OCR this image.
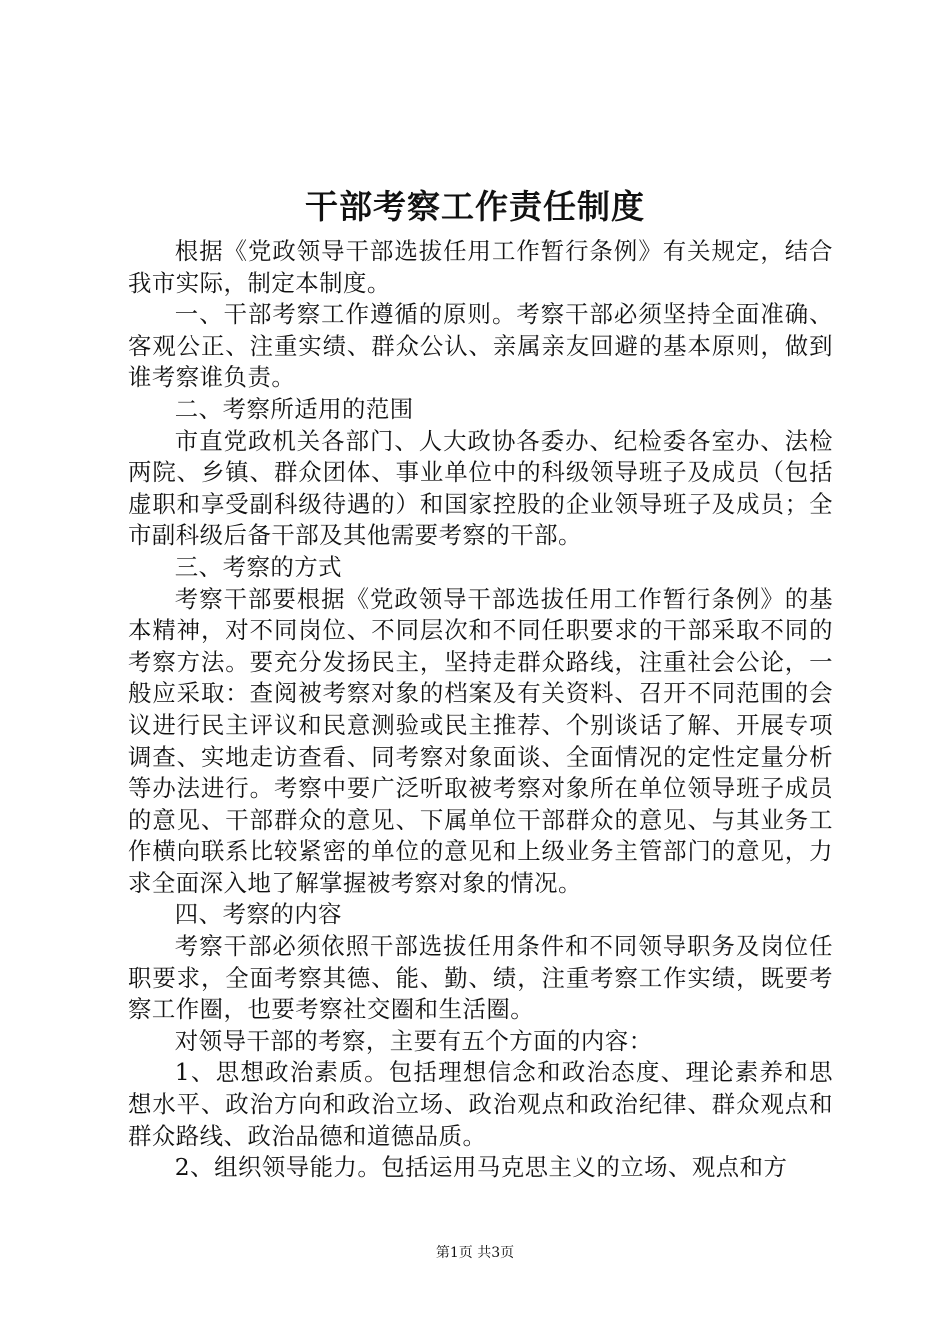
干部考察工作责任制度

根据《党政领导干部选拔任用工作暂行条例》有关规定，结合我市实际，制定本制度。

一、干部考察工作遵循的原则。考察干部必须坚持全面准确、客观公正、注重实绩、群众公认、亲属亲友回避的基本原则，做到谁考察谁负责。

二、考察所适用的范围

市直党政机关各部门、人大政协各委办、纪检委各室办、法检两院、乡镇、群众团体、事业单位中的科级领导班子及成员（包括虚职和享受副科级待遇的）和国家控股的企业领导班子及成员；全市副科级后备干部及其他需要考察的干部。

三、考察的方式

考察干部要根据《党政领导干部选拔任用工作暂行条例》的基本精神，对不同岗位、不同层次和不同任职要求的干部采取不同的考察方法。要充分发扬民主，坚持走群众路线，注重社会公论，一般应采取：查阅被考察对象的档案及有关资料、召开不同范围的会议进行民主评议和民意测验或民主推荐、个别谈话了解、开展专项调查、实地走访查看、同考察对象面谈、全面情况的定性定量分析等办法进行。考察中要广泛听取被考察对象所在单位领导班子成员的意见、干部群众的意见、下属单位干部群众的意见、与其业务工作横向联系比较紧密的单位的意见和上级业务主管部门的意见，力求全面深入地了解掌握被考察对象的情况。

四、考察的内容

考察干部必须依照干部选拔任用条件和不同领导职务及岗位任职要求，全面考察其德、能、勤、绩，注重考察工作实绩，既要考察工作圈，也要考察社交圈和生活圈。

对领导干部的考察，主要有五个方面的内容：

1、思想政治素质。包括理想信念和政治态度、理论素养和思想水平、政治方向和政治立场、政治观点和政治纪律、群众观点和群众路线、政治品德和道德品质。

2、组织领导能力。包括运用马克思主义的立场、观点和方

第1页 共3页
